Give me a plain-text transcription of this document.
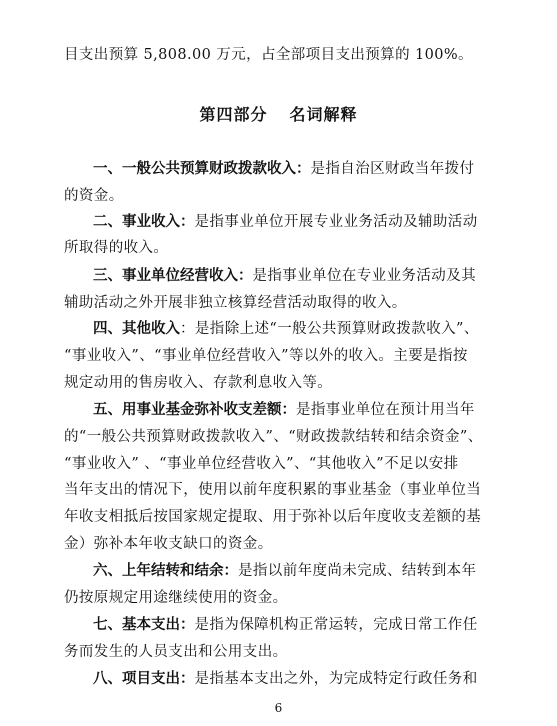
目支出预算 5,808.00 万元，占全部项目支出预算的 100%。
第四部分 名词解释
一、一般公共预算财政拨款收入：是指自治区财政当年拨付
的资金。
二、事业收入：是指事业单位开展专业业务活动及辅助活动
所取得的收入。
三、事业单位经营收入：是指事业单位在专业业务活动及其
辅助活动之外开展非独立核算经营活动取得的收入。
四、其他收入：是指除上述“一般公共预算财政拨款收入”、
“事业收入”、“事业单位经营收入”等以外的收入。主要是指按
规定动用的售房收入、存款利息收入等。
五、用事业基金弥补收支差额：是指事业单位在预计用当年
的“一般公共预算财政拨款收入”、“财政拨款结转和结余资金”、
“事业收入” 、“事业单位经营收入”、“其他收入”不足以安排
当年支出的情况下，使用以前年度积累的事业基金（事业单位当
年收支相抵后按国家规定提取、用于弥补以后年度收支差额的基
金）弥补本年收支缺口的资金。
六、上年结转和结余：是指以前年度尚未完成、结转到本年
仍按原规定用途继续使用的资金。
七、基本支出：是指为保障机构正常运转，完成日常工作任
务而发生的人员支出和公用支出。
八、项目支出：是指基本支出之外，为完成特定行政任务和
6
